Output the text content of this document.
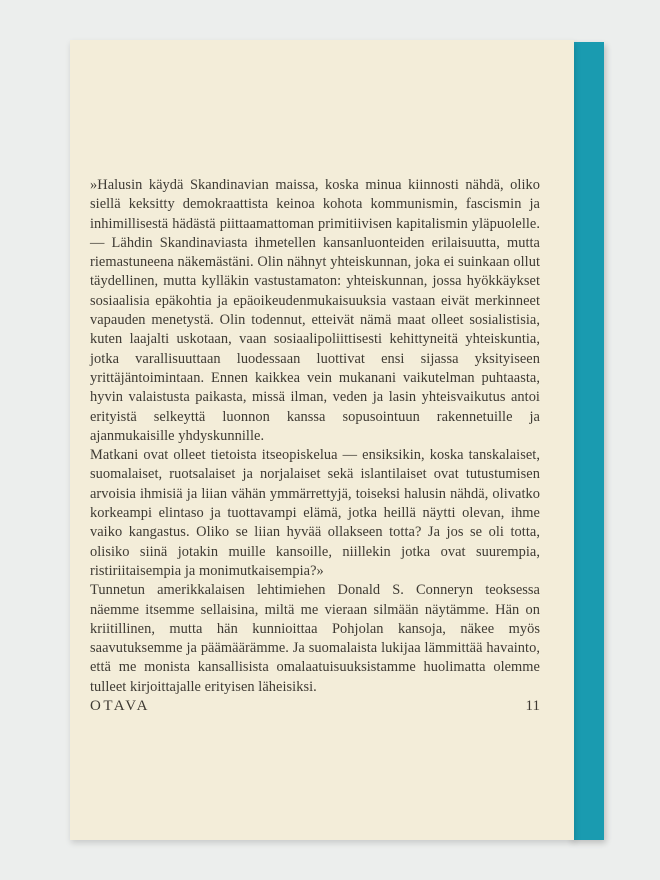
»Halusin käydä Skandinavian maissa, koska minua kiinnosti nähdä, oliko siellä keksitty demokraattista keinoa kohota kommunismin, fascismin ja inhimillisestä hädästä piittaamattoman primitiivisen kapitalismin yläpuolelle. — Lähdin Skandinaviasta ihmetellen kansanluonteiden erilaisuutta, mutta riemastuneena näkemästäni. Olin nähnyt yhteiskunnan, joka ei suinkaan ollut täydellinen, mutta kylläkin vastustamaton: yhteiskunnan, jossa hyökkäykset sosiaalisia epäkohtia ja epäoikeudenmukaisuuksia vastaan eivät merkinneet vapauden menetystä. Olin todennut, etteivät nämä maat olleet sosialistisia, kuten laajalti uskotaan, vaan sosiaalipoliittisesti kehittyneitä yhteiskuntia, jotka varallisuuttaan luodessaan luottivat ensi sijassa yksityiseen yrittäjäntoimintaan. Ennen kaikkea vein mukanani vaikutelman puhtaasta, hyvin valaistusta paikasta, missä ilman, veden ja lasin yhteisvaikutus antoi erityistä selkeyttä luonnon kanssa sopusointuun rakennetuille ja ajanmukaisille yhdyskunnille.

Matkani ovat olleet tietoista itseopiskelua — ensiksikin, koska tanskalaiset, suomalaiset, ruotsalaiset ja norjalaiset sekä islantilaiset ovat tutustumisen arvoisia ihmisiä ja liian vähän ymmärrettyjä, toiseksi halusin nähdä, olivatko korkeampi elintaso ja tuottavampi elämä, jotka heillä näytti olevan, ihme vaiko kangastus. Oliko se liian hyvää ollakseen totta? Ja jos se oli totta, olisiko siinä jotakin muille kansoille, niillekin jotka ovat suurempia, ristiriitaisempia ja monimutkaisempia?»

Tunnetun amerikkalaisen lehtimiehen Donald S. Conneryn teoksessa näemme itsemme sellaisina, miltä me vieraan silmään näytämme. Hän on kriitillinen, mutta hän kunnioittaa Pohjolan kansoja, näkee myös saavutuksemme ja päämäärämme. Ja suomalaista lukijaa lämmittää havainto, että me monista kansallisista omalaatuisuuksistamme huolimatta olemme tulleet kirjoittajalle erityisen läheisiksi.

OTAVA	11
